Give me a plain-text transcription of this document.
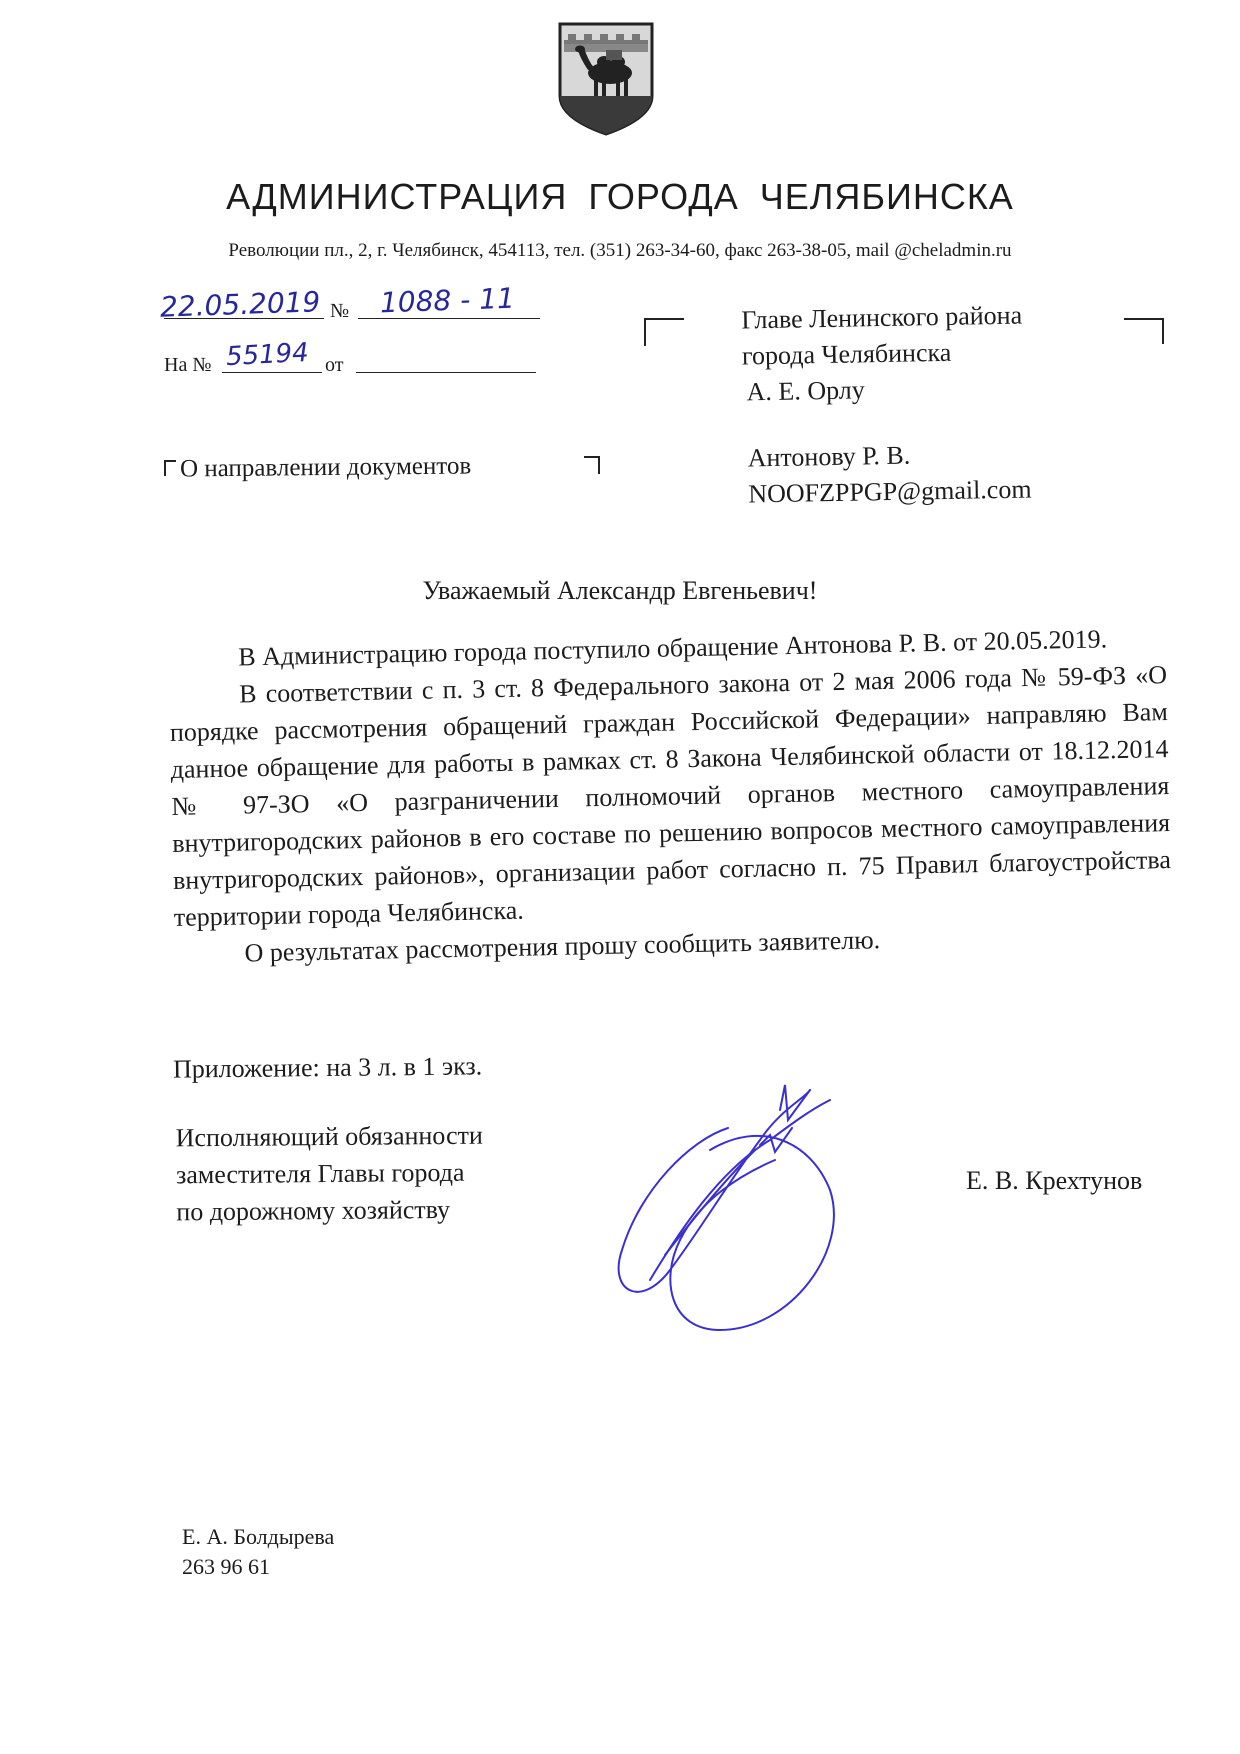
АДМИНИСТРАЦИЯ ГОРОДА ЧЕЛЯБИНСКА
Революции пл., 2, г. Челябинск, 454113, тел. (351) 263-34-60, факс 263-38-05, mail @cheladmin.ru
22.05.2019 № 1088 - 11
На № 55194 от
Главе Ленинского района
города Челябинска
А. Е. Орлу
Антонову Р. В.
NOOFZPPGP@gmail.com
О направлении документов
Уважаемый Александр Евгеньевич!

В Администрацию города поступило обращение Антонова Р. В. от 20.05.2019.

В соответствии с п. 3 ст. 8 Федерального закона от 2 мая 2006 года № 59-ФЗ «О порядке рассмотрения обращений граждан Российской Федерации» направляю Вам данное обращение для работы в рамках ст. 8 Закона Челябинской области от 18.12.2014 № 97-ЗО «О разграничении полномочий органов местного самоуправления внутригородских районов в его составе по решению вопросов местного самоуправления внутригородских районов», организации работ согласно п. 75 Правил благоустройства территории города Челябинска.

О результатах рассмотрения прошу сообщить заявителю.

Приложение: на 3 л. в 1 экз.
Исполняющий обязанности
заместителя Главы города
по дорожному хозяйству
Е. В. Крехтунов
Е. А. Болдырева
263 96 61
